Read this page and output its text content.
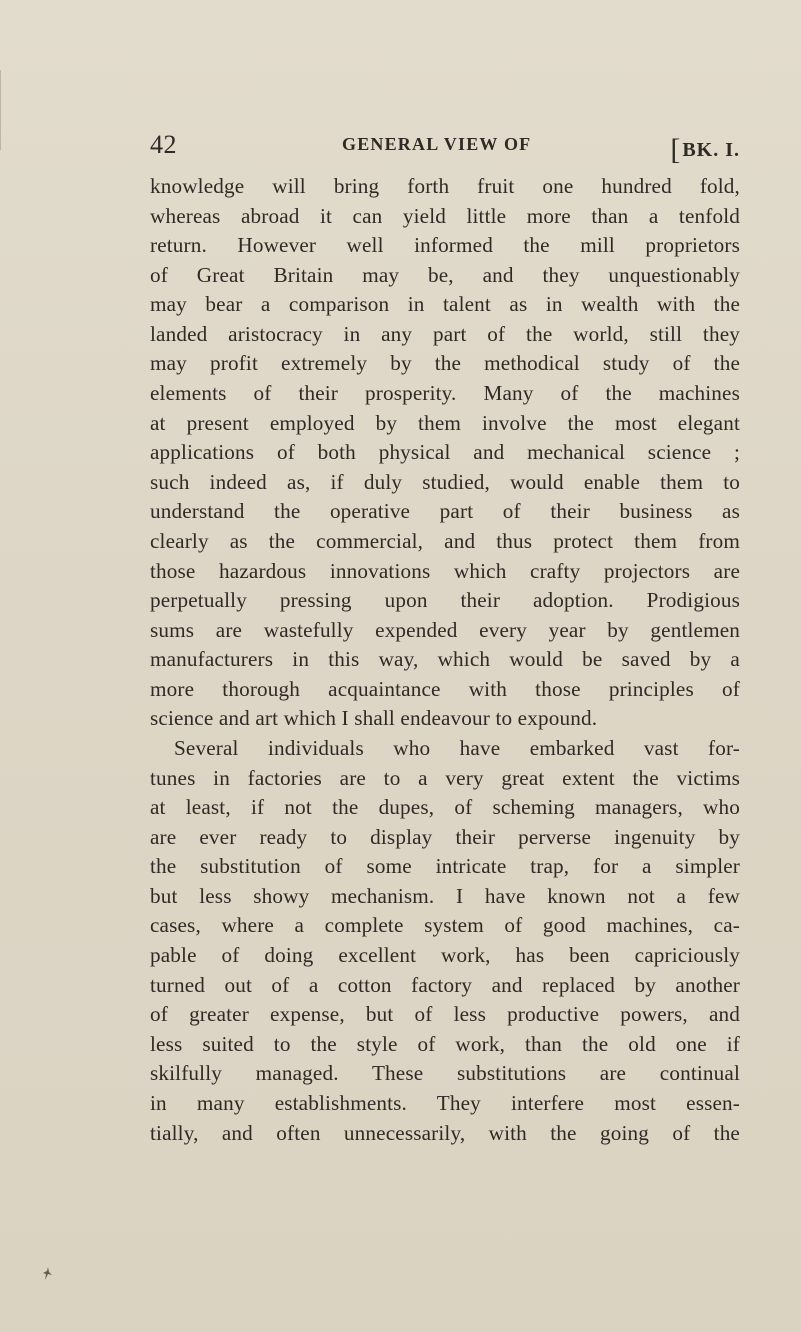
42	GENERAL VIEW OF	[BK. I.
knowledge will bring forth fruit one hundred fold,
whereas abroad it can yield little more than a tenfold
return. However well informed the mill proprietors
of Great Britain may be, and they unquestionably
may bear a comparison in talent as in wealth with the
landed aristocracy in any part of the world, still they
may profit extremely by the methodical study of the
elements of their prosperity. Many of the machines
at present employed by them involve the most elegant
applications of both physical and mechanical science ;
such indeed as, if duly studied, would enable them to
understand the operative part of their business as
clearly as the commercial, and thus protect them from
those hazardous innovations which crafty projectors are
perpetually pressing upon their adoption. Prodigious
sums are wastefully expended every year by gentlemen
manufacturers in this way, which would be saved by a
more thorough acquaintance with those principles of
science and art which I shall endeavour to expound.
Several individuals who have embarked vast for-
tunes in factories are to a very great extent the victims
at least, if not the dupes, of scheming managers, who
are ever ready to display their perverse ingenuity by
the substitution of some intricate trap, for a simpler
but less showy mechanism. I have known not a few
cases, where a complete system of good machines, ca-
pable of doing excellent work, has been capriciously
turned out of a cotton factory and replaced by another
of greater expense, but of less productive powers, and
less suited to the style of work, than the old one if
skilfully managed. These substitutions are continual
in many establishments. They interfere most essen-
tially, and often unnecessarily, with the going of the
